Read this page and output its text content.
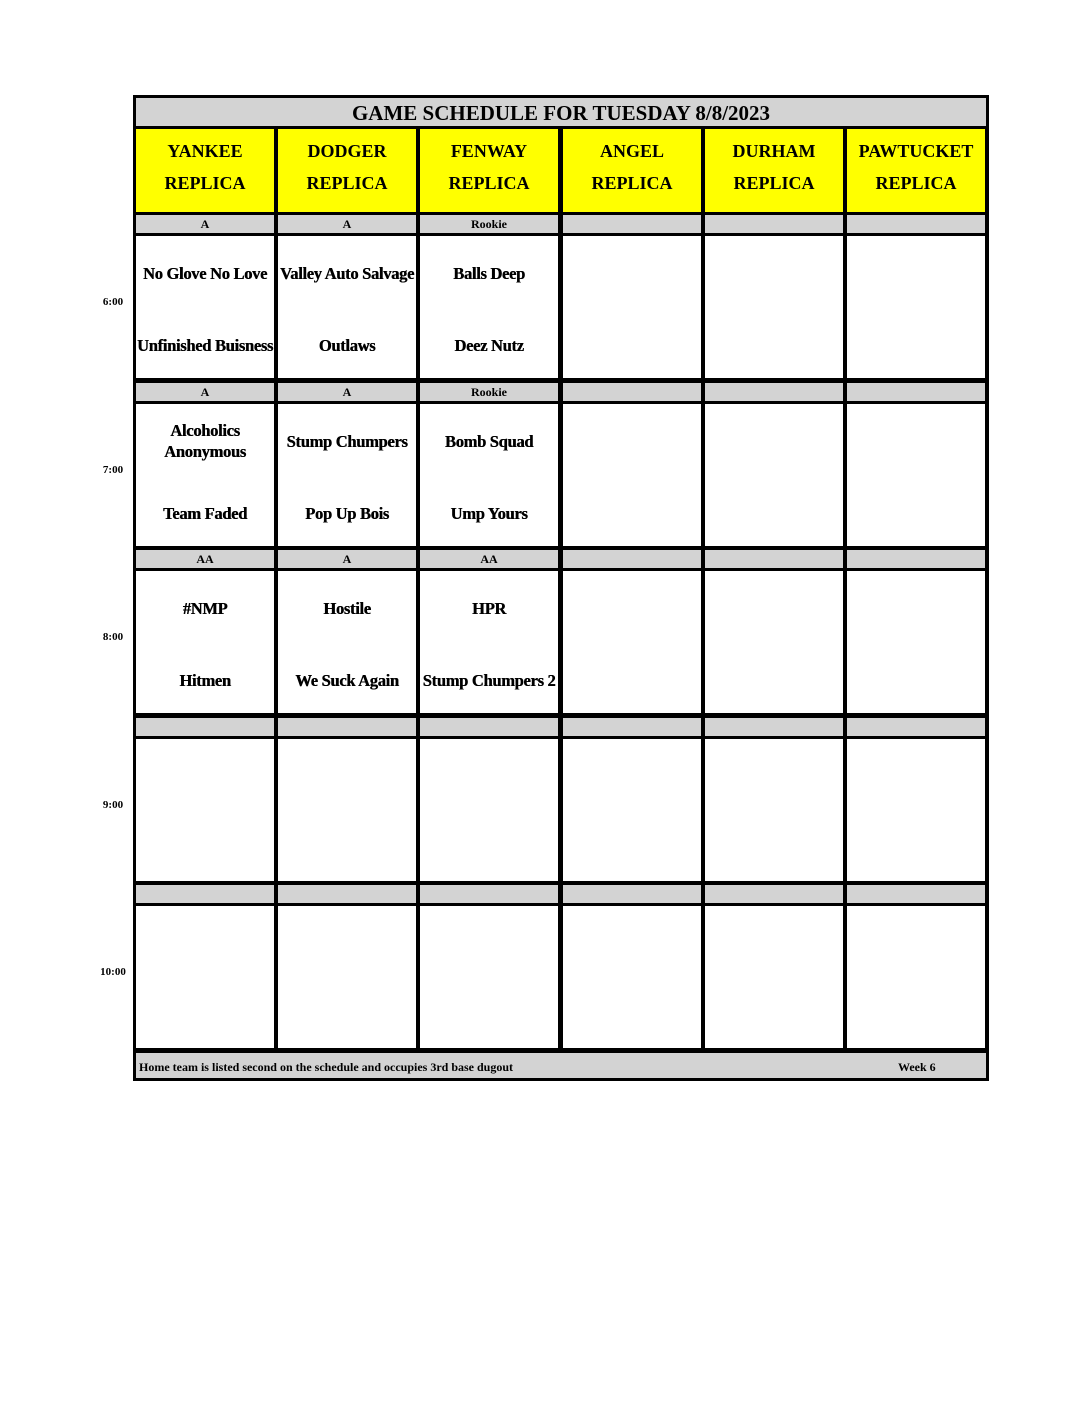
GAME SCHEDULE FOR TUESDAY 8/8/2023
YANKEE
REPLICA
DODGER
REPLICA
FENWAY
REPLICA
ANGEL
REPLICA
DURHAM
REPLICA
PAWTUCKET
REPLICA
A
No Glove No Love
Unfinished Buisness
A
Valley Auto Salvage
Outlaws
Rookie
Balls Deep
Deez Nutz
A
Alcoholics Anonymous
Team Faded
A
Stump Chumpers
Pop Up Bois
Rookie
Bomb Squad
Ump Yours
AA
#NMP
Hitmen
A
Hostile
We Suck Again
AA
HPR
Stump Chumpers 2
Home team is listed second on the schedule and occupies 3rd base dugout	Week 6
6:00
7:00
8:00
9:00
10:00
